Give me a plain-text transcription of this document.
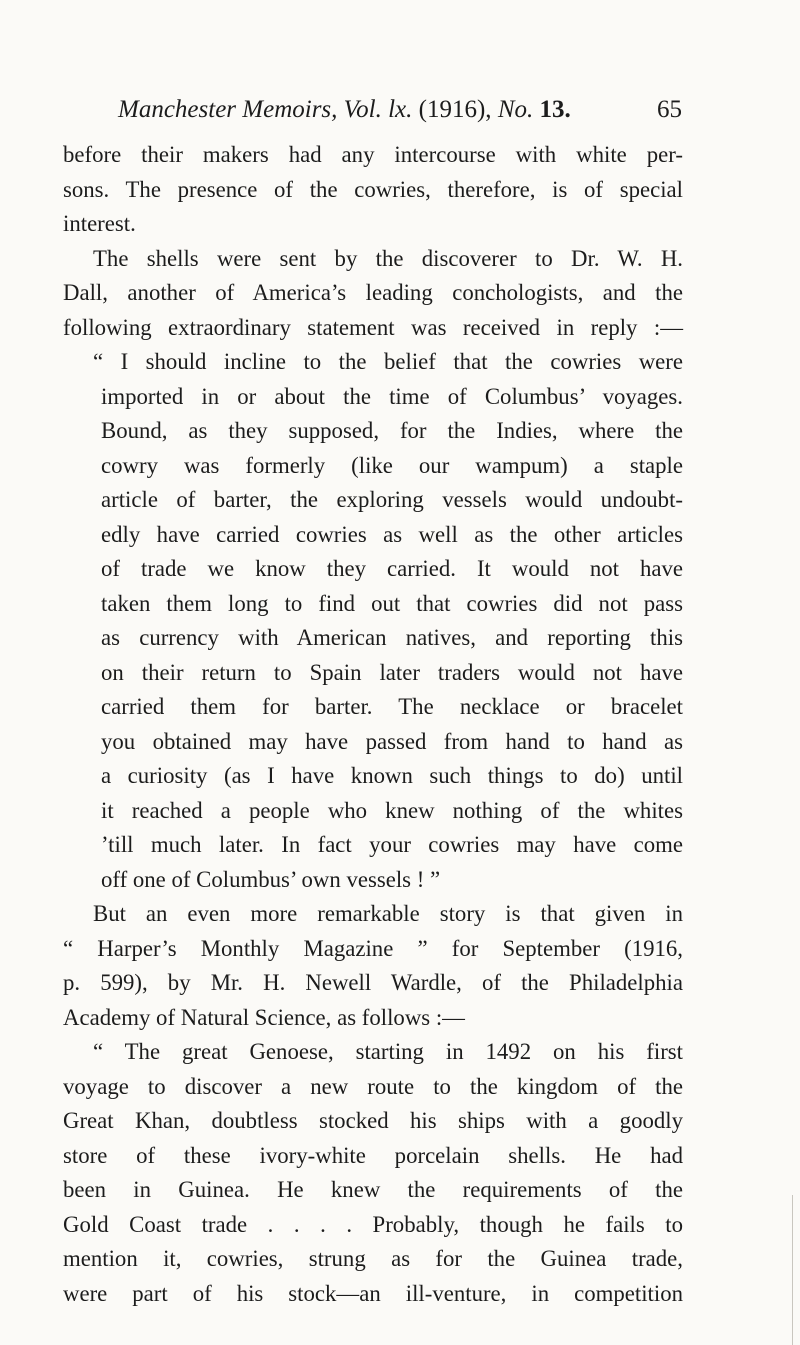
Manchester Memoirs, Vol. lx. (1916), No. 13.	65
before their makers had any intercourse with white per-
sons. The presence of the cowries, therefore, is of special
interest.
The shells were sent by the discoverer to Dr. W. H.
Dall, another of America’s leading conchologists, and the
following extraordinary statement was received in reply :—
“ I should incline to the belief that the cowries were
imported in or about the time of Columbus’ voyages.
Bound, as they supposed, for the Indies, where the
cowry was formerly (like our wampum) a staple
article of barter, the exploring vessels would undoubt-
edly have carried cowries as well as the other articles
of trade we know they carried. It would not have
taken them long to find out that cowries did not pass
as currency with American natives, and reporting this
on their return to Spain later traders would not have
carried them for barter. The necklace or bracelet
you obtained may have passed from hand to hand as
a curiosity (as I have known such things to do) until
it reached a people who knew nothing of the whites
’till much later. In fact your cowries may have come
off one of Columbus’ own vessels ! ”
But an even more remarkable story is that given in
“ Harper’s Monthly Magazine ” for September (1916,
p. 599), by Mr. H. Newell Wardle, of the Philadelphia
Academy of Natural Science, as follows :—
“ The great Genoese, starting in 1492 on his first
voyage to discover a new route to the kingdom of the
Great Khan, doubtless stocked his ships with a goodly
store of these ivory-white porcelain shells. He had
been in Guinea. He knew the requirements of the
Gold Coast trade . . . . Probably, though he fails to
mention it, cowries, strung as for the Guinea trade,
were part of his stock—an ill-venture, in competition
